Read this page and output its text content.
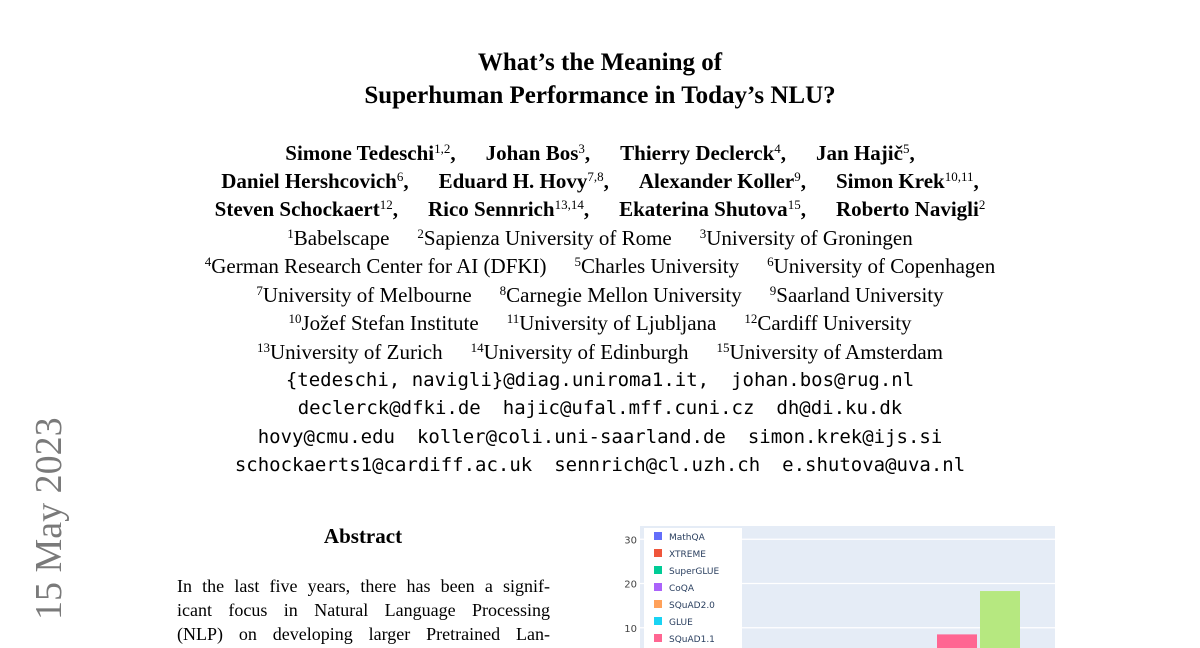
15 May 2023
What’s the Meaning of
Superhuman Performance in Today’s NLU?
Simone Tedeschi$^{1,2}$, Johan Bos$^3$, Thierry Declerck$^4$, Jan Hajič$^5$,
Daniel Hershcovich$^6$, Eduard H. Hovy$^{7,8}$, Alexander Koller$^9$, Simon Krek$^{10,11}$,
Steven Schockaert$^{12}$, Rico Sennrich$^{13,14}$, Ekaterina Shutova$^{15}$, Roberto Navigli$^2$
$^1$Babelscape $^2$Sapienza University of Rome $^3$University of Groningen
$^4$German Research Center for AI (DFKI) $^5$Charles University $^6$University of Copenhagen
$^7$University of Melbourne $^8$Carnegie Mellon University $^9$Saarland University
$^{10}$Jožef Stefan Institute $^{11}$University of Ljubljana $^{12}$Cardiff University
$^{13}$University of Zurich $^{14}$University of Edinburgh $^{15}$University of Amsterdam
{tedeschi, navigli}@diag.uniroma1.it, johan.bos@rug.nl
declerck@dfki.de hajic@ufal.mff.cuni.cz dh@di.ku.dk
hovy@cmu.edu koller@coli.uni-saarland.de simon.krek@ijs.si
schockaerts1@cardiff.ac.uk sennrich@cl.uzh.ch e.shutova@uva.nl
Abstract
In the last five years, there has been a signif-
icant focus in Natural Language Processing
(NLP) on developing larger Pretrained Lan-
30
20
10
MathQA
XTREME
SuperGLUE
CoQA
SQuAD2.0
GLUE
SQuAD1.1
